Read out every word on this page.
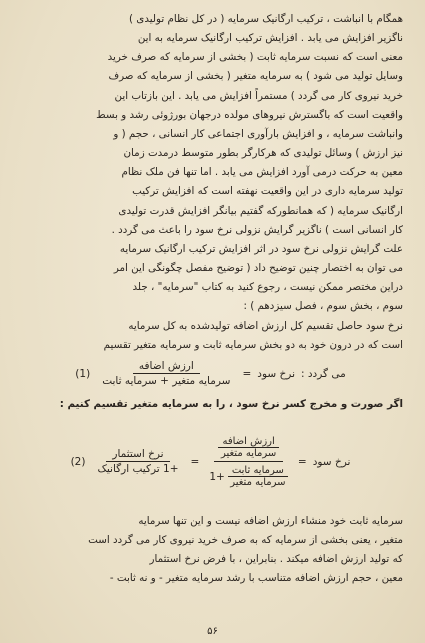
همگام با انباشت ، ترکیب ارگانیک سرمایه ( در کل نظام تولیدی )

ناگزیر افزایش می یابد . افزایش ترکیب ارگانیک سرمایه به این

معنی است که نسبت سرمایه ثابت ( بخشی از سرمایه که صرف خرید

وسایل تولید می شود ) به سرمایه متغیر ( بخشی از سرمایه که صرف

خرید نیروی کار می گردد ) مستمراً افزایش می یابد . این بازتاب این

واقعیت است که باگسترش نیروهای مولده درجهان بورژوئی رشد و بسط

وانباشت سرمایه ، و افزایش بارآوری اجتماعی کار انسانی ، حجم ( و

نیز ارزش ) وسائل تولیدی که هرکارگر بطور متوسط درمدت زمان

معین به حرکت درمی آورد افزایش می یابد . اما تنها فن ملک نظام

تولید سرمایه داری در این واقعیت نهفته است که افزایش ترکیب

ارگانیک سرمایه ( که همانطورکه گفتیم بیانگر افزایش قدرت تولیدی

کار انسانی است ) ناگزیر گرایش نزولی نرخ سود را باعث می گردد .

علت گرایش نزولی نرخ سود در اثر افزایش ترکیب ارگانیک سرمایه

می توان به اختصار چنین توضیح داد ( توضیح مفصل چگونگی این امر

دراین مختصر ممکن نیست ، رجوع کنید به کتاب "سرمایه" ، جلد

سوم ، بخش سوم ، فصل سیزدهم ) :

نرخ سود حاصل تقسیم کل ارزش اضافه تولیدشده به کل سرمایه

است که در درون خود به دو بخش سرمایه ثابت و سرمایه متغیر تقسیم

می گردد :
نرخ سود
=
$\frac{\text{ارزش اضافه}}{\text{سرمایه متغیر + سرمایه ثابت}}$
(1)

اگر صورت و مخرج کسر نرخ سود ، را به سرمایه متغیر تقسیم کنیم :

نرخ سود
=
ارزش اضافه
سرمایه متغیر
سرمایه ثابت
سرمایه متغیر
+1
=
$\frac{\text{نرخ استثمار}}{\text{+1 ترکیب ارگانیک}}$
(2)

سرمایه ثابت خود منشاء ارزش اضافه نیست و این تنها سرمایه

متغیر ، یعنی بخشی از سرمایه که به صرف خرید نیروی کار می گردد است

که تولید ارزش اضافه میکند . بنابراین ، با فرض نرخ استثمار

معین ، حجم ارزش اضافه متناسب با رشد سرمایه متغیر - و نه ثابت -

۵۶
